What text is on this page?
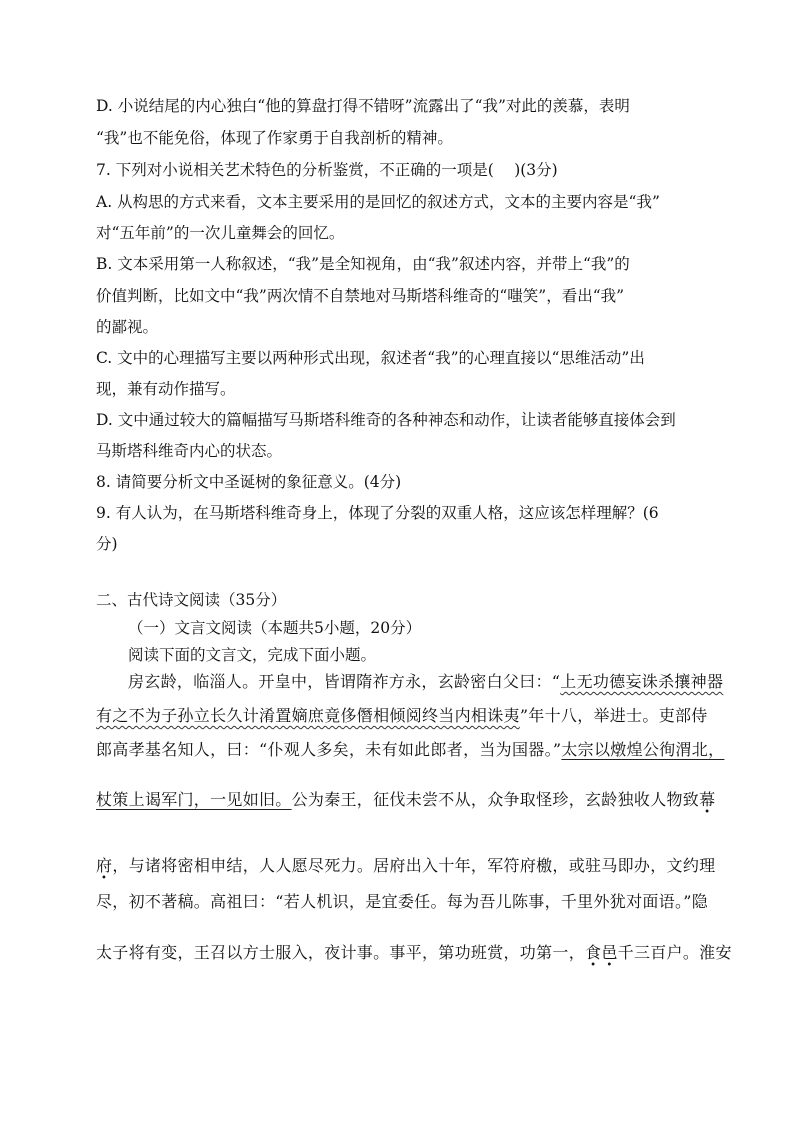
D. 小说结尾的内心独白“他的算盘打得不错呀”流露出了“我”对此的羡慕，表明
“我”也不能免俗，体现了作家勇于自我剖析的精神。
7. 下列对小说相关艺术特色的分析鉴赏，不正确的一项是(　 )(3分)
A. 从构思的方式来看，文本主要采用的是回忆的叙述方式，文本的主要内容是“我”
对“五年前”的一次儿童舞会的回忆。
B. 文本采用第一人称叙述，“我”是全知视角，由“我”叙述内容，并带上“我”的
价值判断，比如文中“我”两次情不自禁地对马斯塔科维奇的“嗤笑”，看出“我”
的鄙视。
C. 文中的心理描写主要以两种形式出现，叙述者“我”的心理直接以“思维活动”出
现，兼有动作描写。
D. 文中通过较大的篇幅描写马斯塔科维奇的各种神态和动作，让读者能够直接体会到
马斯塔科维奇内心的状态。
8. 请简要分析文中圣诞树的象征意义。(4分)
9. 有人认为，在马斯塔科维奇身上，体现了分裂的双重人格，这应该怎样理解？(6
分)
二、古代诗文阅读（35分）
（一）文言文阅读（本题共5小题，20分）
阅读下面的文言文，完成下面小题。
房玄龄，临淄人。开皇中，皆谓隋祚方永，玄龄密白父曰：“上无功德妄诛杀攘神器
有之不为子孙立长久计淆置嫡庶竟侈僭相倾阅终当内相诛夷”年十八，举进士。吏部侍
郎高孝基名知人，曰：“仆观人多矣，未有如此郎者，当为国器。”太宗以燉煌公徇渭北，
杖策上谒军门，一见如旧。公为秦王，征伐未尝不从，众争取怪珍，玄龄独收人物致幕
府，与诸将密相申结，人人愿尽死力。居府出入十年，军符府檄，或驻马即办，文约理
尽，初不著稿。高祖曰：“若人机识，是宜委任。每为吾儿陈事，千里外犹对面语。”隐
太子将有变，王召以方士服入，夜计事。事平，第功班赏，功第一，食邑千三百户。淮安
